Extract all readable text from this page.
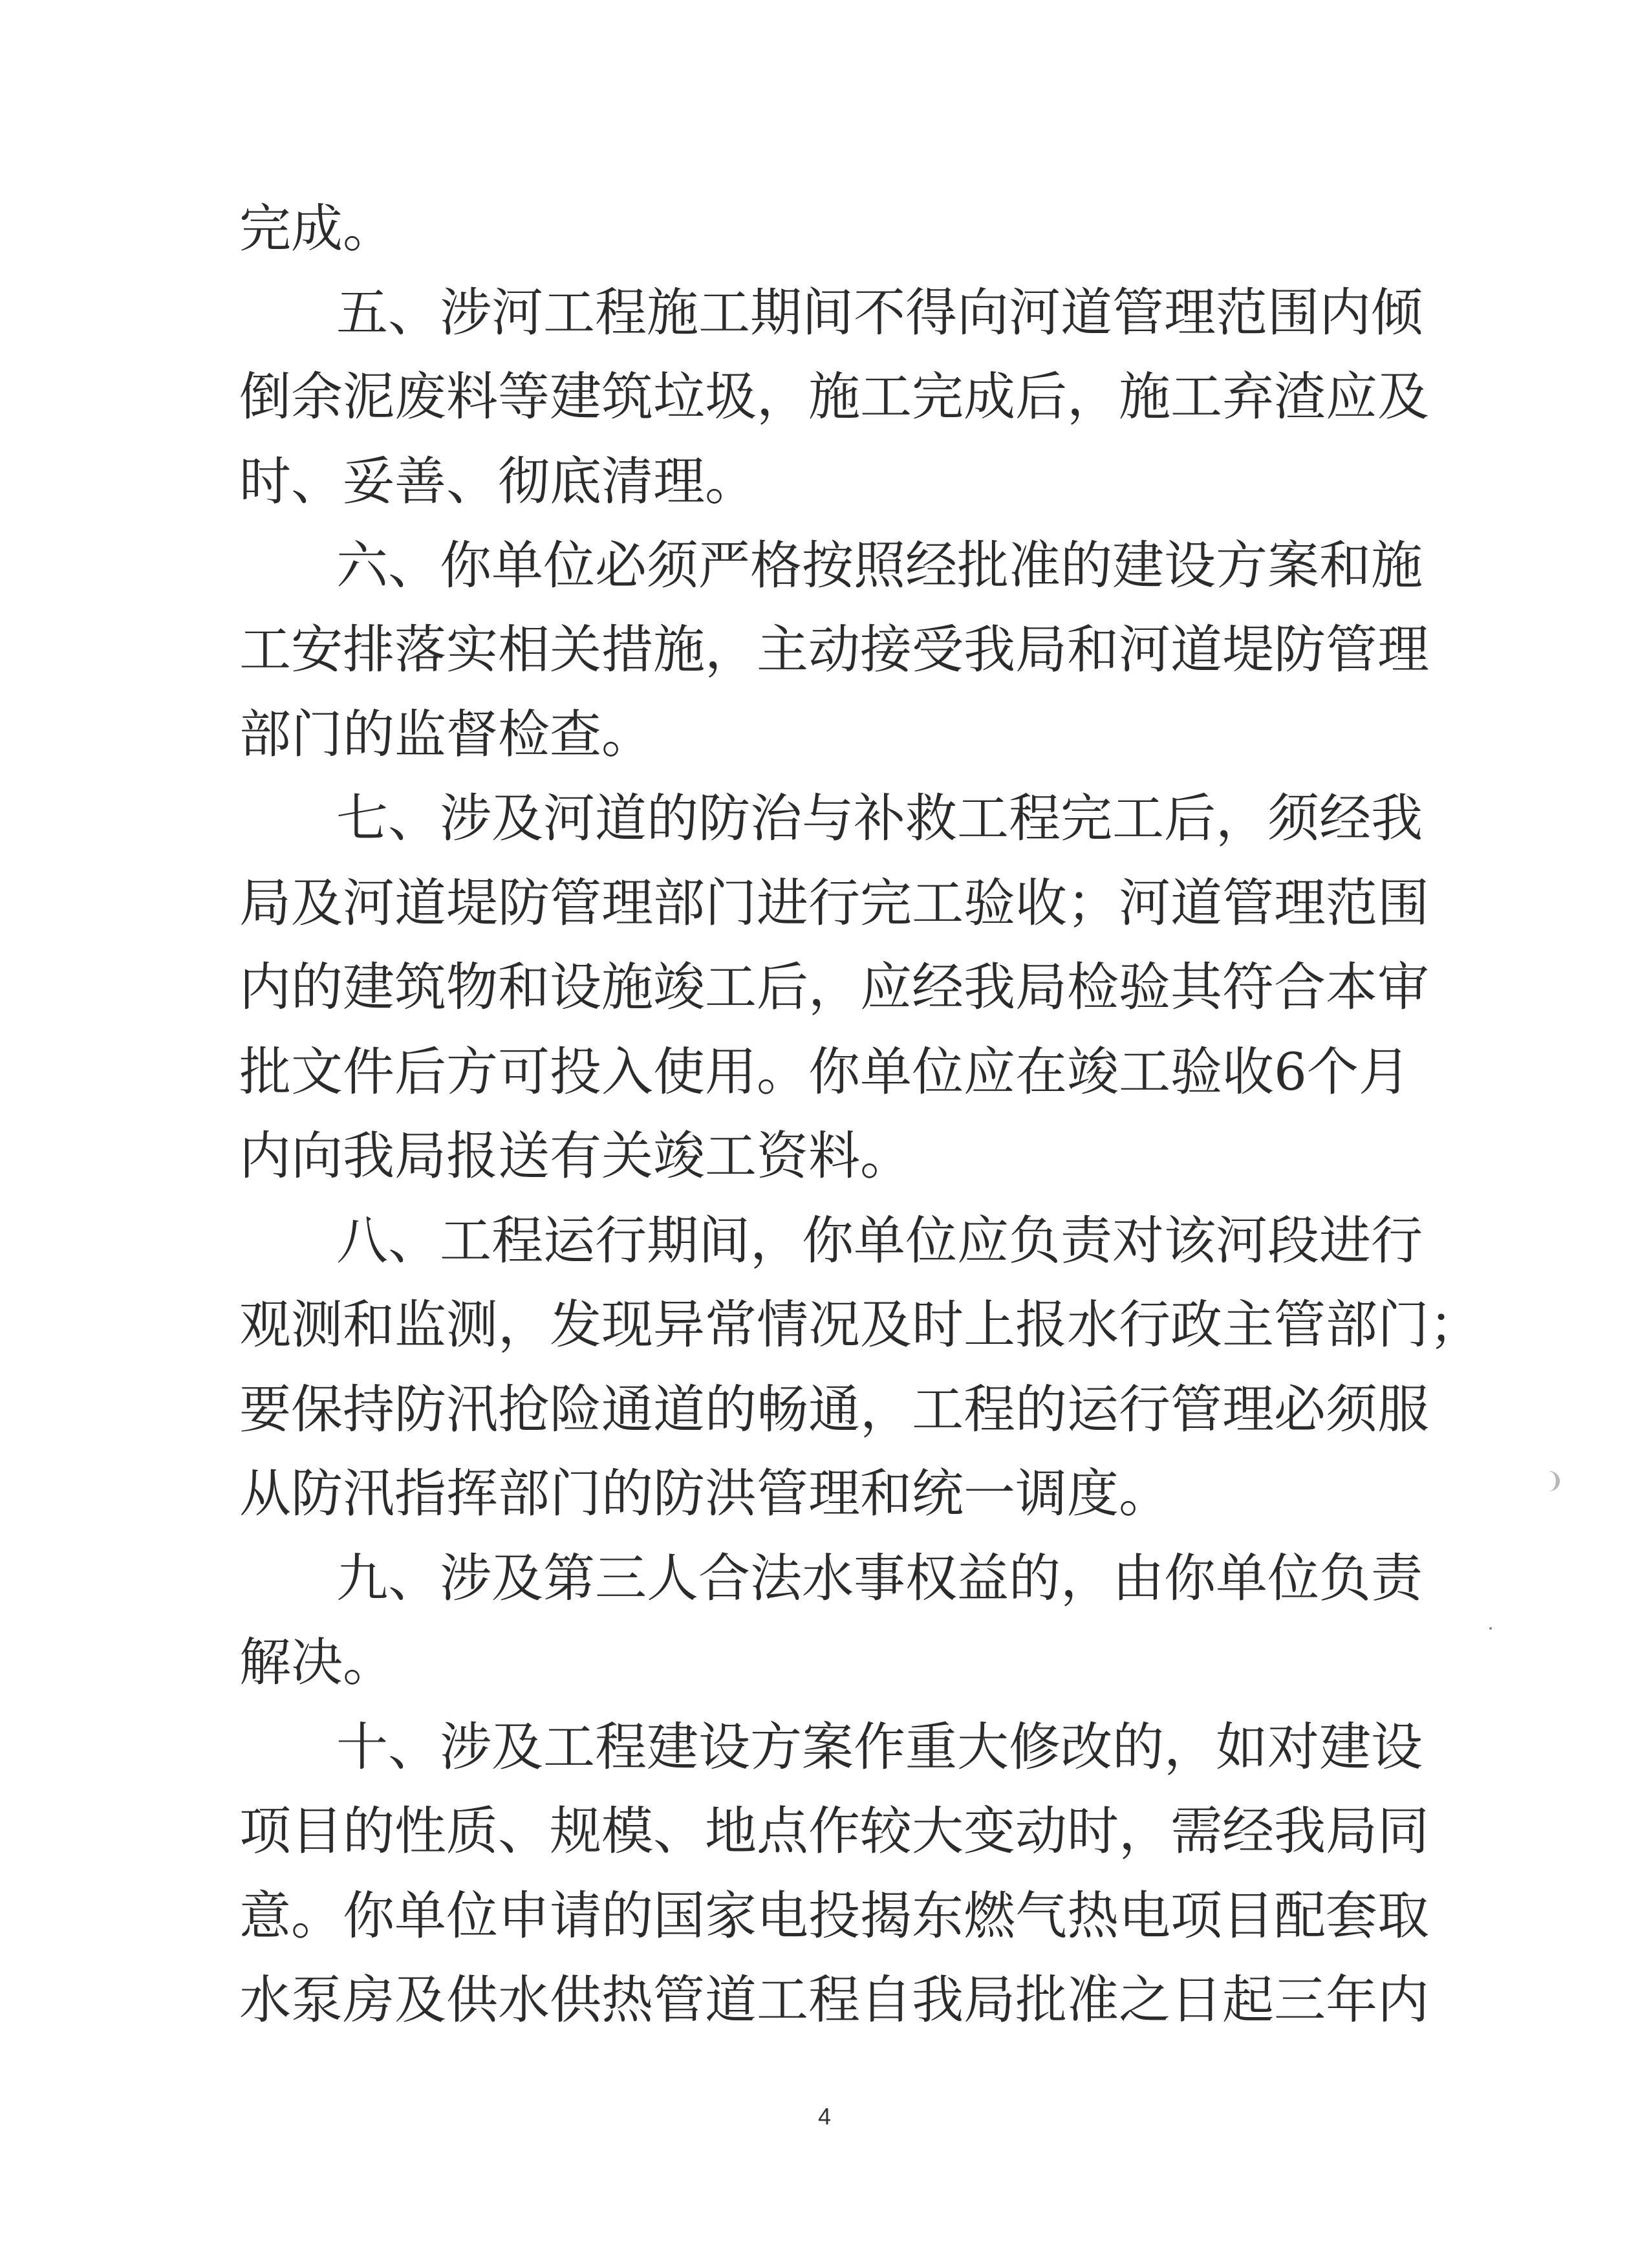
完成。
五、涉河工程施工期间不得向河道管理范围内倾
倒余泥废料等建筑垃圾，施工完成后，施工弃渣应及
时、妥善、彻底清理。
六、你单位必须严格按照经批准的建设方案和施
工安排落实相关措施，主动接受我局和河道堤防管理
部门的监督检查。
七、涉及河道的防治与补救工程完工后，须经我
局及河道堤防管理部门进行完工验收；河道管理范围
内的建筑物和设施竣工后，应经我局检验其符合本审
批文件后方可投入使用。你单位应在竣工验收6个月
内向我局报送有关竣工资料。
八、工程运行期间，你单位应负责对该河段进行
观测和监测，发现异常情况及时上报水行政主管部门；
要保持防汛抢险通道的畅通，工程的运行管理必须服
从防汛指挥部门的防洪管理和统一调度。
九、涉及第三人合法水事权益的，由你单位负责
解决。
十、涉及工程建设方案作重大修改的，如对建设
项目的性质、规模、地点作较大变动时，需经我局同
意。你单位申请的国家电投揭东燃气热电项目配套取
水泵房及供水供热管道工程自我局批准之日起三年内
4
❩
